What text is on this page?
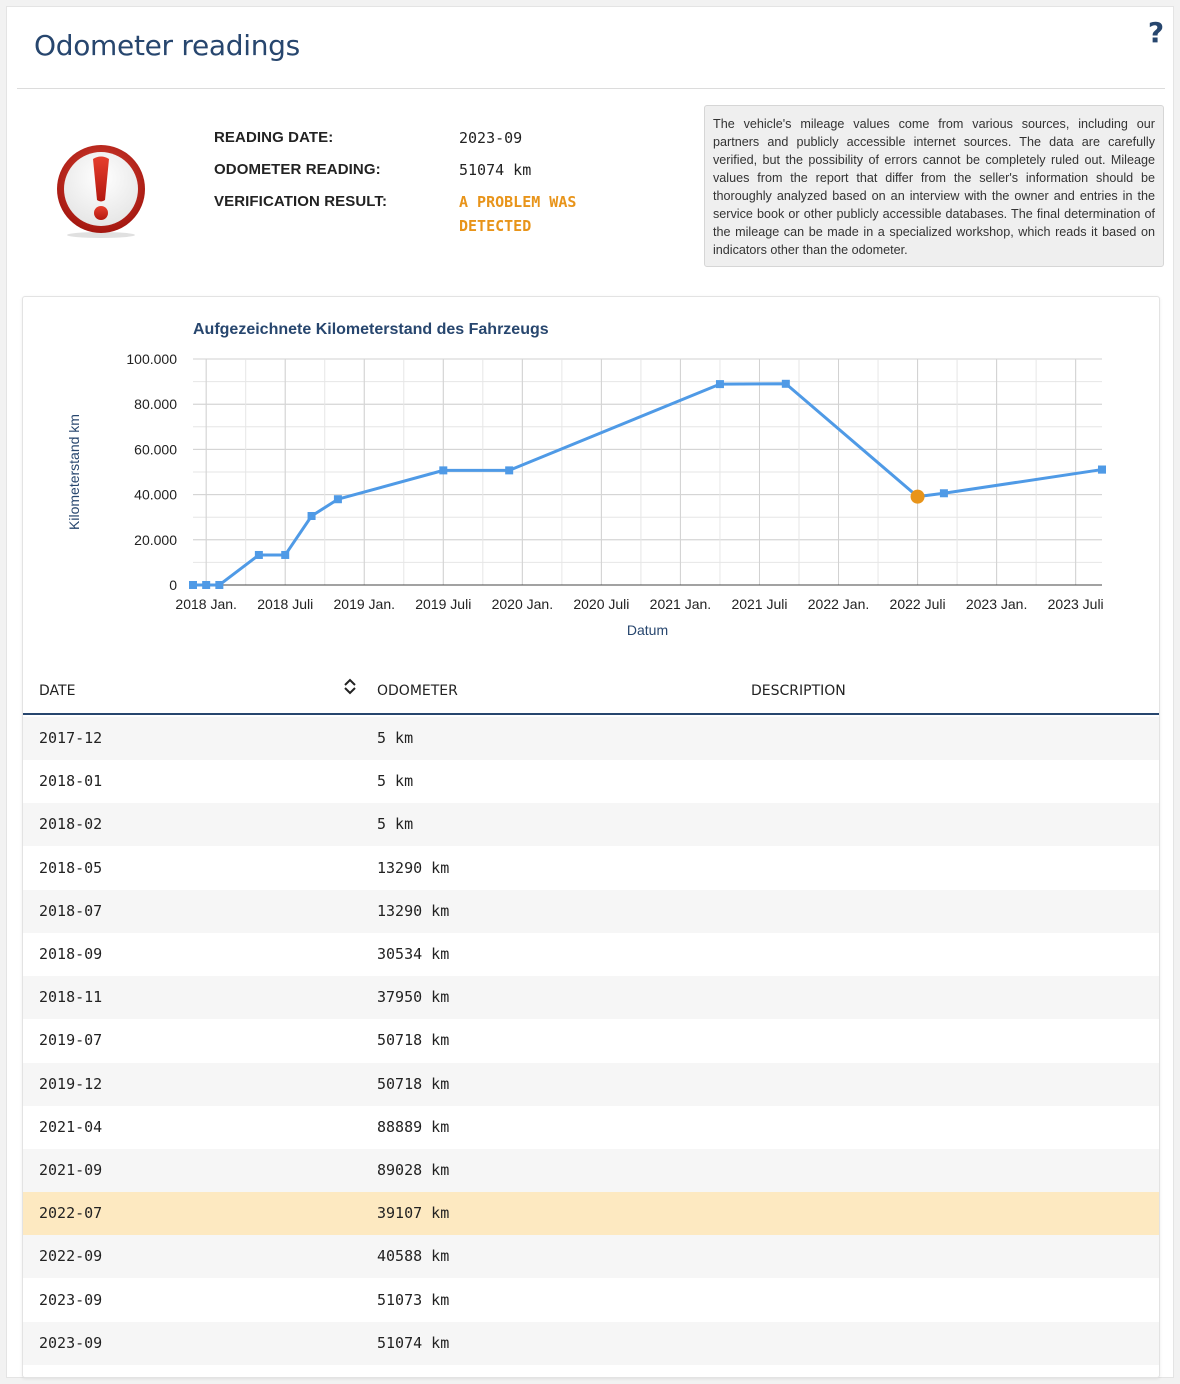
Odometer readings	?
READING DATE:	2023-09
ODOMETER READING:	51074 km
VERIFICATION RESULT:	A PROBLEM WAS DETECTED
The vehicle's mileage values come from various sources, including our partners and publicly accessible internet sources. The data are carefully verified, but the possibility of errors cannot be completely ruled out. Mileage values from the report that differ from the seller's information should be thoroughly analyzed based on an interview with the owner and entries in the service book or other publicly accessible databases. The final determination of the mileage can be made in a specialized workshop, which reads it based on indicators other than the odometer.
0
20.000
40.000
60.000
80.000
100.000
2018 Jan. 2018 Juli 2019 Jan. 2019 Juli 2020 Jan. 2020 Juli 2021 Jan. 2021 Juli 2022 Jan. 2022 Juli 2023 Jan. 2023 Juli
Aufgezeichnete Kilometerstand des Fahrzeugs
Datum
Kilometerstand km
DATE	ODOMETER	DESCRIPTION
2017-12	5 km
2018-01	5 km
2018-02	5 km
2018-05	13290 km
2018-07	13290 km
2018-09	30534 km
2018-11	37950 km
2019-07	50718 km
2019-12	50718 km
2021-04	88889 km
2021-09	89028 km
2022-07	39107 km
2022-09	40588 km
2023-09	51073 km
2023-09	51074 km
